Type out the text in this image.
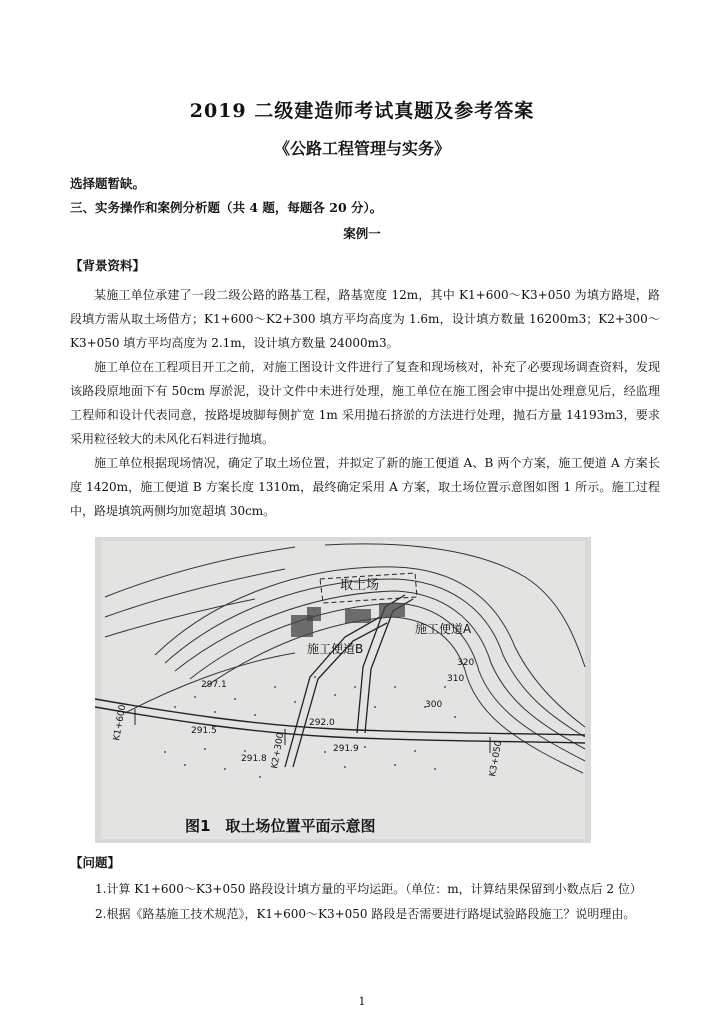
2019 二级建造师考试真题及参考答案
《公路工程管理与实务》
选择题暂缺。
三、实务操作和案例分析题（共 4 题，每题各 20 分）。
案例一
【背景资料】
某施工单位承建了一段二级公路的路基工程，路基宽度 12m，其中 K1+600～K3+050 为填方路堤，路段填方需从取土场借方；K1+600～K2+300 填方平均高度为 1.6m，设计填方数量 16200m3；K2+300～K3+050 填方平均高度为 2.1m，设计填方数量 24000m3。
施工单位在工程项目开工之前，对施工图设计文件进行了复查和现场核对，补充了必要现场调查资料，发现该路段原地面下有 50cm 厚淤泥，设计文件中未进行处理，施工单位在施工图会审中提出处理意见后，经监理工程师和设计代表同意，按路堤坡脚每侧扩宽 1m 采用抛石挤淤的方法进行处理，抛石方量 14193m3，要求采用粒径较大的未风化石料进行抛填。
施工单位根据现场情况，确定了取土场位置，并拟定了新的施工便道 A、B 两个方案，施工便道 A 方案长度 1420m，施工便道 B 方案长度 1310m，最终确定采用 A 方案，取土场位置示意图如图 1 所示。施工过程中，路堤填筑两侧均加宽超填 30cm。
取土场
施工便道A
施工便道B
K1+600
K2+300	K3+050
297.1
291.5
291.8
292.0
291.9
320
310
300
图1　取土场位置平面示意图
【问题】
1.计算 K1+600～K3+050 路段设计填方量的平均运距。（单位：m，计算结果保留到小数点后 2 位）
2.根据《路基施工技术规范》，K1+600～K3+050 路段是否需要进行路堤试验路段施工？说明理由。
1
